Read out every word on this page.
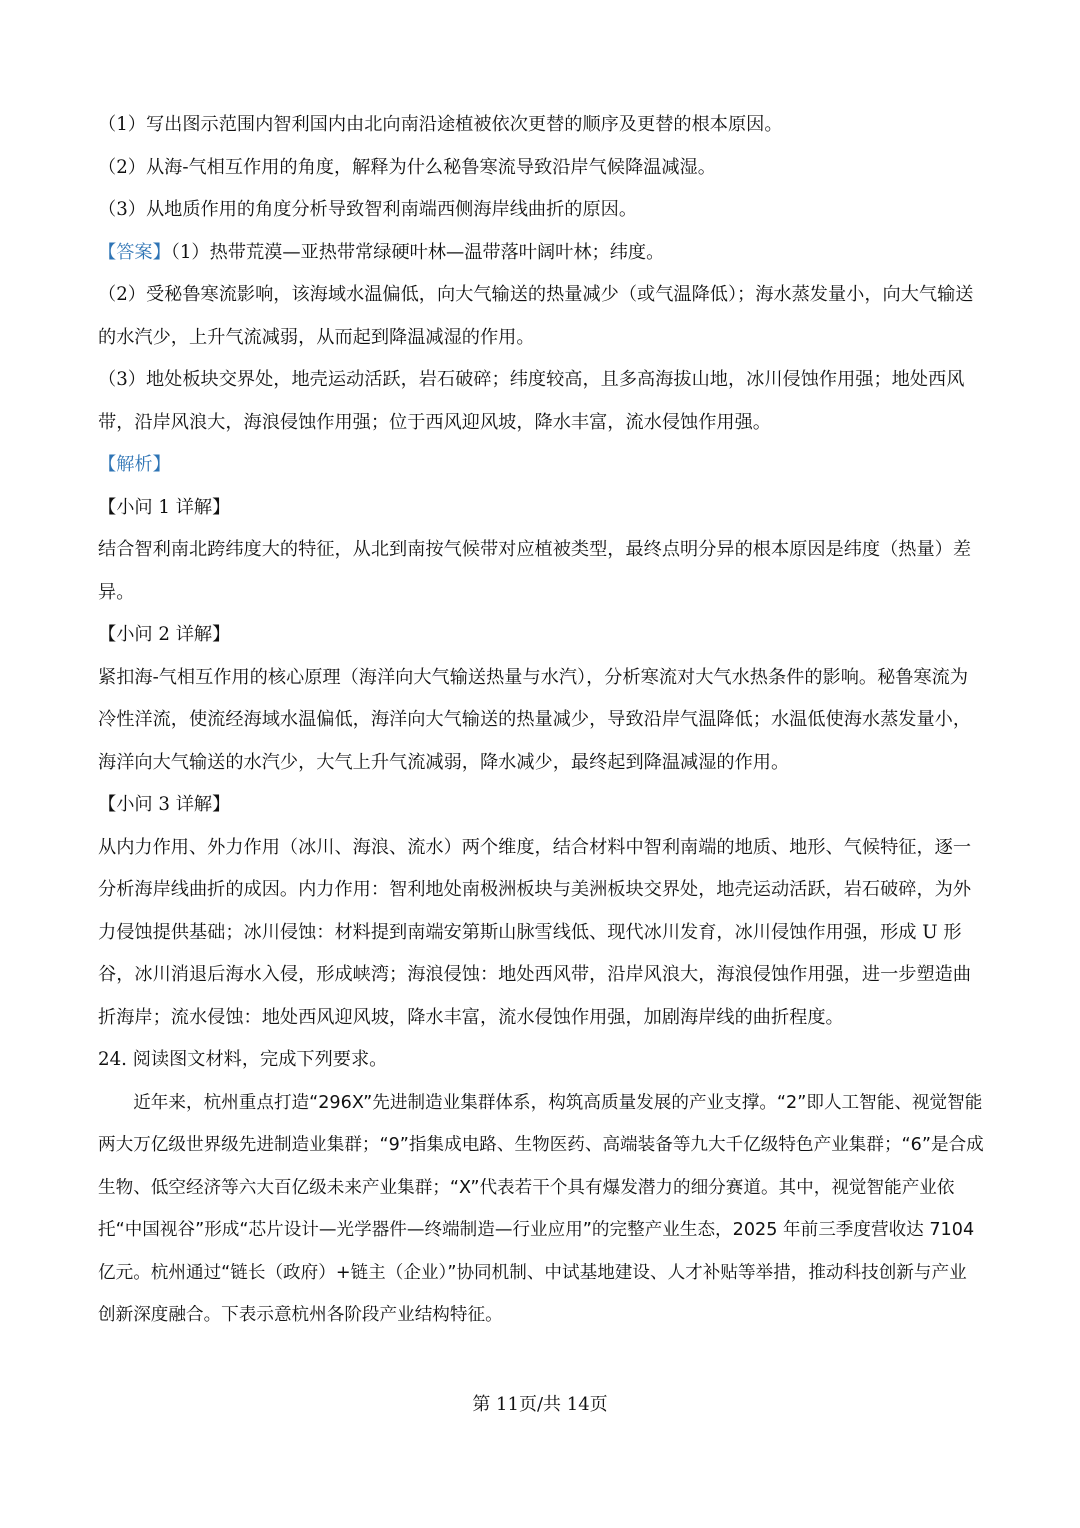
（1）写出图示范围内智利国内由北向南沿途植被依次更替的顺序及更替的根本原因。
（2）从海-气相互作用的角度，解释为什么秘鲁寒流导致沿岸气候降温减湿。
（3）从地质作用的角度分析导致智利南端西侧海岸线曲折的原因。
【答案】（1）热带荒漠—亚热带常绿硬叶林—温带落叶阔叶林；纬度。
（2）受秘鲁寒流影响，该海域水温偏低，向大气输送的热量减少（或气温降低）；海水蒸发量小，向大气输送的水汽少，上升气流减弱，从而起到降温减湿的作用。
（3）地处板块交界处，地壳运动活跃，岩石破碎；纬度较高，且多高海拔山地，冰川侵蚀作用强；地处西风带，沿岸风浪大，海浪侵蚀作用强；位于西风迎风坡，降水丰富，流水侵蚀作用强。
【解析】
【小问 1 详解】
结合智利南北跨纬度大的特征，从北到南按气候带对应植被类型，最终点明分异的根本原因是纬度（热量）差异。
【小问 2 详解】
紧扣海-气相互作用的核心原理（海洋向大气输送热量与水汽），分析寒流对大气水热条件的影响。秘鲁寒流为冷性洋流，使流经海域水温偏低，海洋向大气输送的热量减少，导致沿岸气温降低；水温低使海水蒸发量小，海洋向大气输送的水汽少，大气上升气流减弱，降水减少，最终起到降温减湿的作用。
【小问 3 详解】
从内力作用、外力作用（冰川、海浪、流水）两个维度，结合材料中智利南端的地质、地形、气候特征，逐一分析海岸线曲折的成因。内力作用：智利地处南极洲板块与美洲板块交界处，地壳运动活跃，岩石破碎，为外力侵蚀提供基础；冰川侵蚀：材料提到南端安第斯山脉雪线低、现代冰川发育，冰川侵蚀作用强，形成 U 形谷，冰川消退后海水入侵，形成峡湾；海浪侵蚀：地处西风带，沿岸风浪大，海浪侵蚀作用强，进一步塑造曲折海岸；流水侵蚀：地处西风迎风坡，降水丰富，流水侵蚀作用强，加剧海岸线的曲折程度。
24. 阅读图文材料，完成下列要求。
近年来，杭州重点打造“296X”先进制造业集群体系，构筑高质量发展的产业支撑。“2”即人工智能、视觉智能两大万亿级世界级先进制造业集群；“9”指集成电路、生物医药、高端装备等九大千亿级特色产业集群；“6”是合成生物、低空经济等六大百亿级未来产业集群；“X”代表若干个具有爆发潜力的细分赛道。其中，视觉智能产业依托“中国视谷”形成“芯片设计—光学器件—终端制造—行业应用”的完整产业生态，2025 年前三季度营收达 7104 亿元。杭州通过“链长（政府）+链主（企业）”协同机制、中试基地建设、人才补贴等举措，推动科技创新与产业创新深度融合。下表示意杭州各阶段产业结构特征。
第 11页/共 14页
